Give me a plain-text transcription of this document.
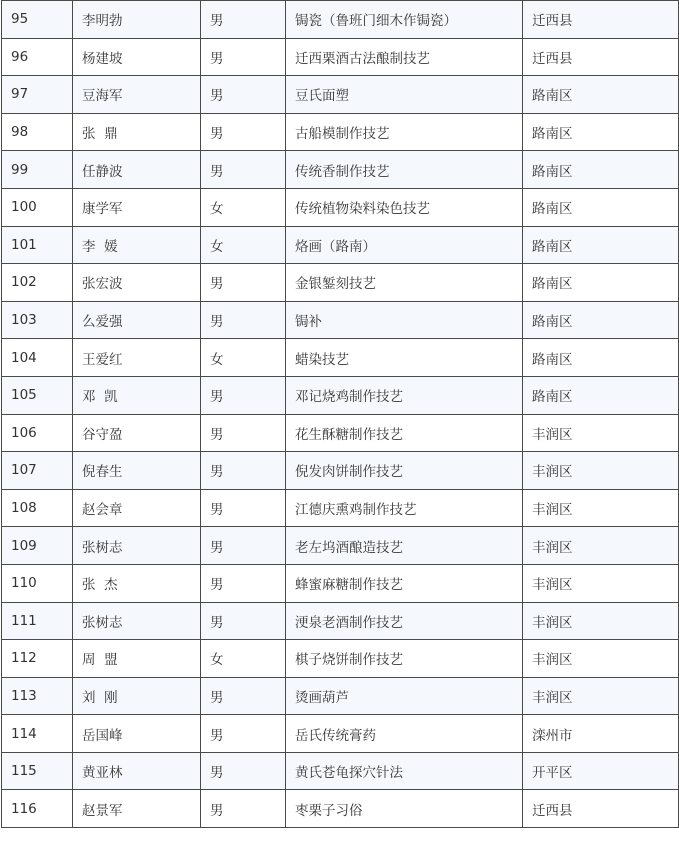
95	李明勃	男	锔瓷（鲁班门细木作锔瓷）	迁西县
96	杨建坡	男	迁西栗酒古法酿制技艺	迁西县
97	豆海军	男	豆氏面塑	路南区
98	张  鼎	男	古船模制作技艺	路南区
99	任静波	男	传统香制作技艺	路南区
100	康学军	女	传统植物染料染色技艺	路南区
101	李  媛	女	烙画（路南）	路南区
102	张宏波	男	金银錾刻技艺	路南区
103	么爱强	男	锔补	路南区
104	王爱红	女	蜡染技艺	路南区
105	邓  凯	男	邓记烧鸡制作技艺	路南区
106	谷守盈	男	花生酥糖制作技艺	丰润区
107	倪春生	男	倪发肉饼制作技艺	丰润区
108	赵会章	男	江德庆熏鸡制作技艺	丰润区
109	张树志	男	老左坞酒酿造技艺	丰润区
110	张  杰	男	蜂蜜麻糖制作技艺	丰润区
111	张树志	男	浭泉老酒制作技艺	丰润区
112	周  盟	女	棋子烧饼制作技艺	丰润区
113	刘  刚	男	烫画葫芦	丰润区
114	岳国峰	男	岳氏传统膏药	滦州市
115	黄亚林	男	黄氏苍龟探穴针法	开平区
116	赵景军	男	枣栗子习俗	迁西县
